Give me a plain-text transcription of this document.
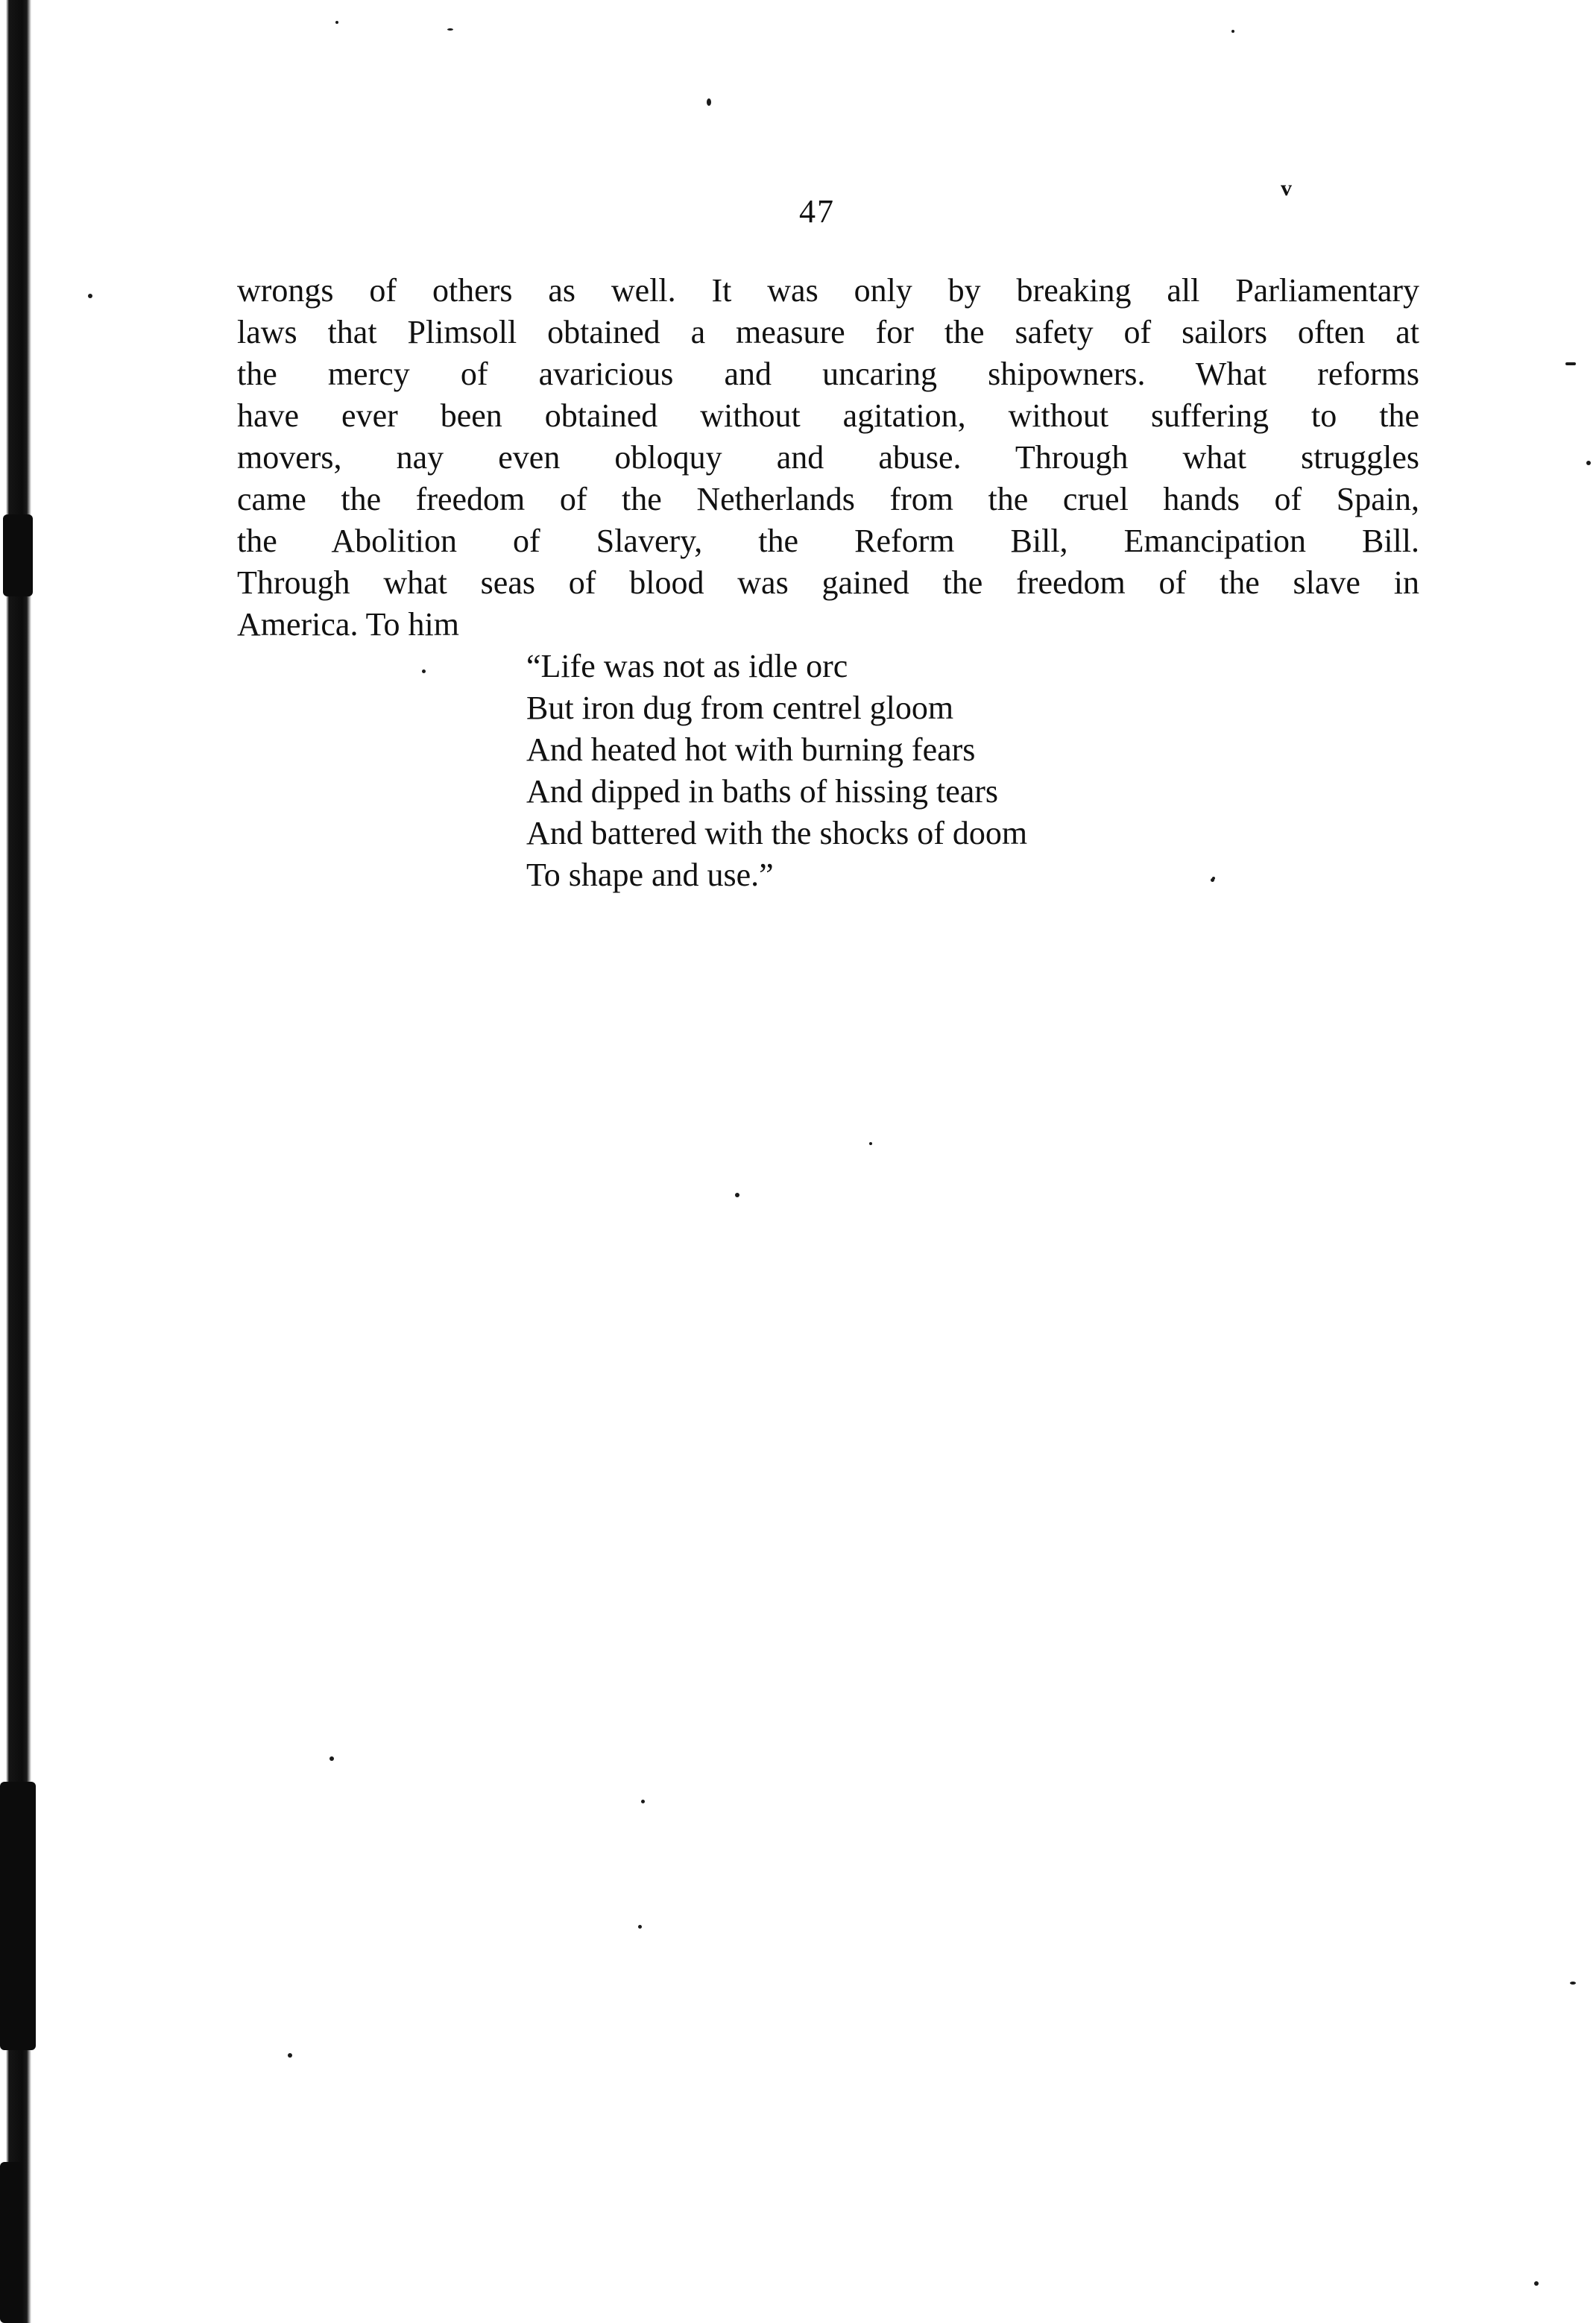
47
v
wrongs of others as well. It was only by breaking all Parliamentary
laws that Plimsoll obtained a measure for the safety of sailors often at
the mercy of avaricious and uncaring shipowners. What reforms
have ever been obtained without agitation, without suffering to the
movers, nay even obloquy and abuse. Through what struggles
came the freedom of the Netherlands from the cruel hands of Spain,
the Abolition of Slavery, the Reform Bill, Emancipation Bill.
Through what seas of blood was gained the freedom of the slave in
America. To him
“Life was not as idle orc
But iron dug from centrel gloom
And heated hot with burning fears
And dipped in baths of hissing tears
And battered with the shocks of doom
To shape and use.”
